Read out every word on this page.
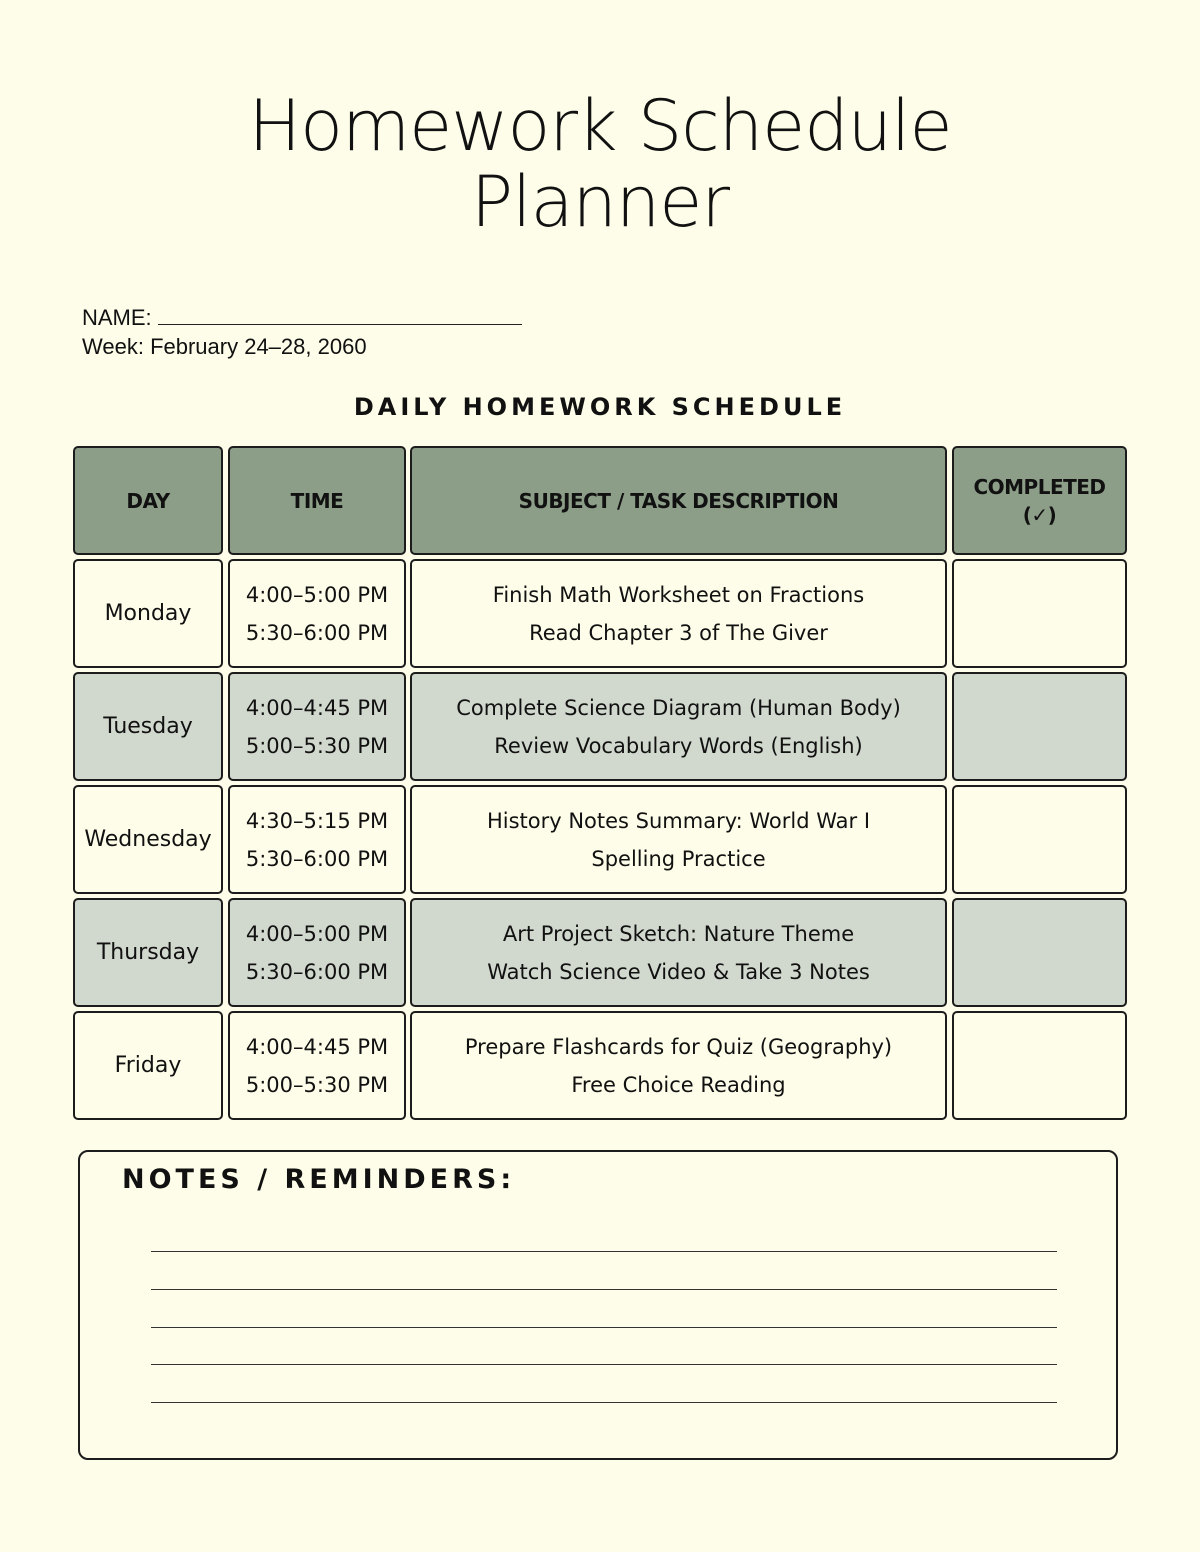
Homework Schedule
Planner
NAME:
Week: February 24–28, 2060
DAILY HOMEWORK SCHEDULE
DAY	TIME	SUBJECT / TASK DESCRIPTION
COMPLETED
(✓)
Monday
4:00–5:00 PM
5:30–6:00 PM
Finish Math Worksheet on Fractions
Read Chapter 3 of The Giver
Tuesday
4:00–4:45 PM
5:00–5:30 PM
Complete Science Diagram (Human Body)
Review Vocabulary Words (English)
Wednesday
4:30–5:15 PM
5:30–6:00 PM
History Notes Summary: World War I
Spelling Practice
Thursday
4:00–5:00 PM
5:30–6:00 PM
Art Project Sketch: Nature Theme
Watch Science Video & Take 3 Notes
Friday
4:00–4:45 PM
5:00–5:30 PM
Prepare Flashcards for Quiz (Geography)
Free Choice Reading
NOTES / REMINDERS:
